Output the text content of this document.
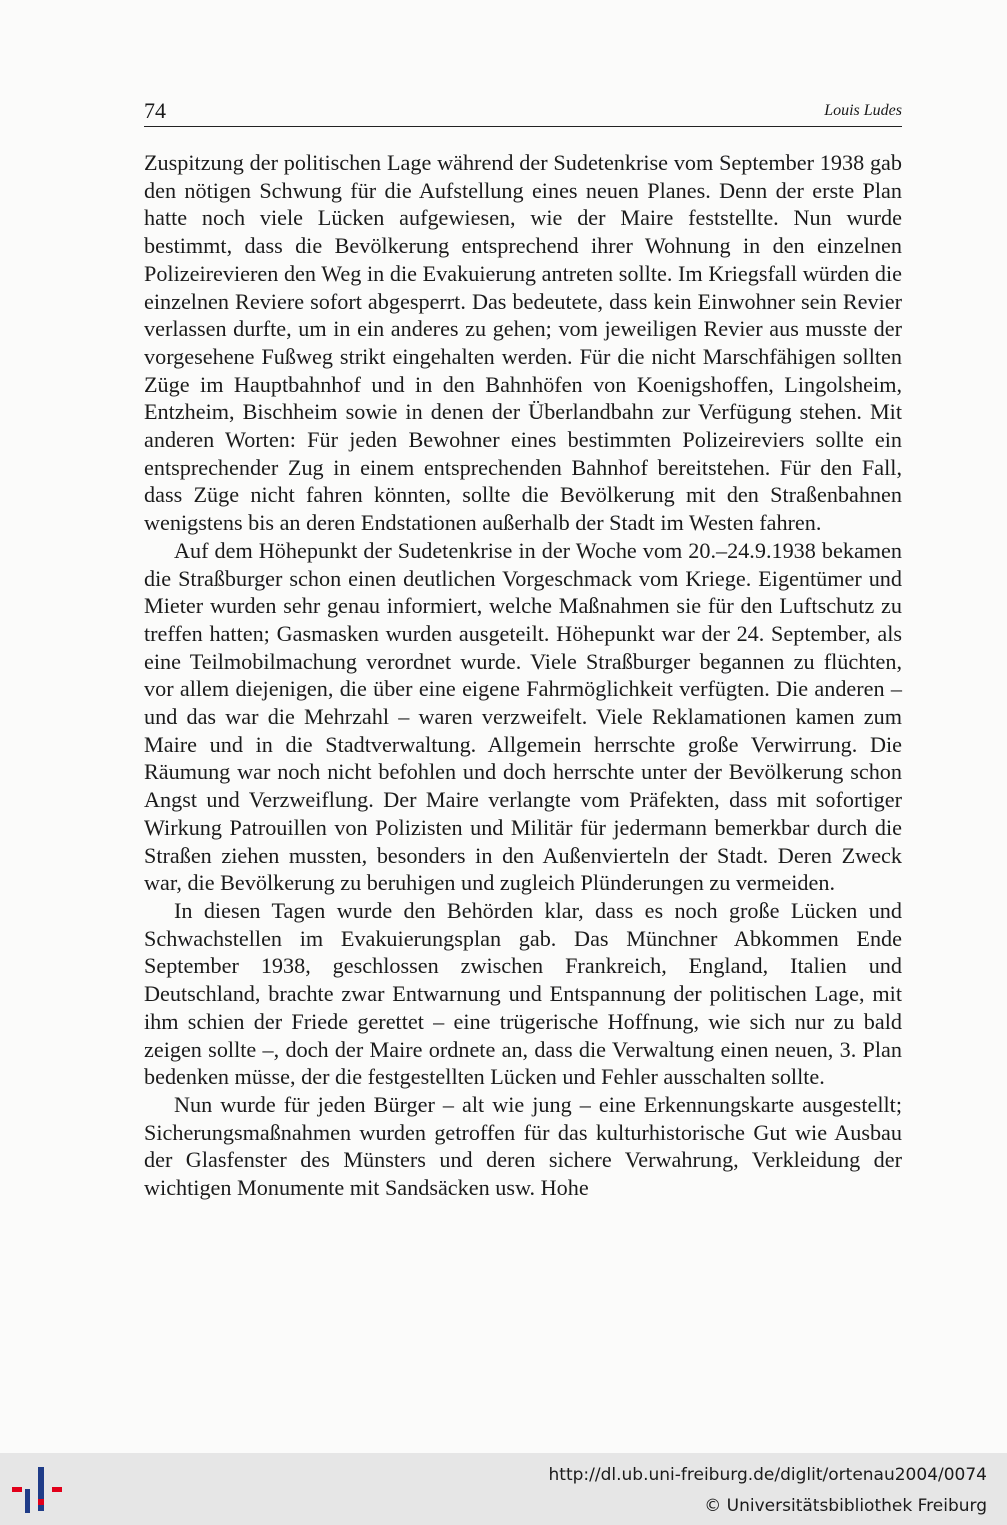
74	Louis Ludes

Zuspitzung der politischen Lage während der Sudetenkrise vom September 1938 gab den nötigen Schwung für die Aufstellung eines neuen Planes. Denn der erste Plan hatte noch viele Lücken aufgewiesen, wie der Maire feststellte. Nun wurde bestimmt, dass die Bevölkerung entsprechend ihrer Wohnung in den einzelnen Polizeirevieren den Weg in die Evakuierung antreten sollte. Im Kriegsfall würden die einzelnen Reviere sofort abgesperrt. Das bedeutete, dass kein Einwohner sein Revier verlassen durfte, um in ein anderes zu gehen; vom jeweiligen Revier aus musste der vorgesehene Fußweg strikt eingehalten werden. Für die nicht Marschfähigen sollten Züge im Hauptbahnhof und in den Bahnhöfen von Koenigshoffen, Lingolsheim, Entzheim, Bischheim sowie in denen der Überlandbahn zur Verfügung stehen. Mit anderen Worten: Für jeden Bewohner eines bestimmten Polizeireviers sollte ein entsprechender Zug in einem entsprechenden Bahnhof bereitstehen. Für den Fall, dass Züge nicht fahren könnten, sollte die Bevölkerung mit den Straßenbahnen wenigstens bis an deren Endstationen außerhalb der Stadt im Westen fahren.

Auf dem Höhepunkt der Sudetenkrise in der Woche vom 20.–24.9.1938 bekamen die Straßburger schon einen deutlichen Vorgeschmack vom Kriege. Eigentümer und Mieter wurden sehr genau informiert, welche Maßnahmen sie für den Luftschutz zu treffen hatten; Gasmasken wurden ausgeteilt. Höhepunkt war der 24. September, als eine Teilmobilmachung verordnet wurde. Viele Straßburger begannen zu flüchten, vor allem diejenigen, die über eine eigene Fahrmöglichkeit verfügten. Die anderen – und das war die Mehrzahl – waren verzweifelt. Viele Reklamationen kamen zum Maire und in die Stadtverwaltung. Allgemein herrschte große Verwirrung. Die Räumung war noch nicht befohlen und doch herrschte unter der Bevölkerung schon Angst und Verzweiflung. Der Maire verlangte vom Präfekten, dass mit sofortiger Wirkung Patrouillen von Polizisten und Militär für jedermann bemerkbar durch die Straßen ziehen mussten, besonders in den Außenvierteln der Stadt. Deren Zweck war, die Bevölkerung zu beruhigen und zugleich Plünderungen zu vermeiden.

In diesen Tagen wurde den Behörden klar, dass es noch große Lücken und Schwachstellen im Evakuierungsplan gab. Das Münchner Abkommen Ende September 1938, geschlossen zwischen Frankreich, England, Italien und Deutschland, brachte zwar Entwarnung und Entspannung der politischen Lage, mit ihm schien der Friede gerettet – eine trügerische Hoffnung, wie sich nur zu bald zeigen sollte –, doch der Maire ordnete an, dass die Verwaltung einen neuen, 3. Plan bedenken müsse, der die festgestellten Lücken und Fehler ausschalten sollte.

Nun wurde für jeden Bürger – alt wie jung – eine Erkennungskarte ausgestellt; Sicherungsmaßnahmen wurden getroffen für das kulturhistorische Gut wie Ausbau der Glasfenster des Münsters und deren sichere Verwahrung, Verkleidung der wichtigen Monumente mit Sandsäcken usw. Hohe

http://dl.ub.uni-freiburg.de/diglit/ortenau2004/0074
© Universitätsbibliothek Freiburg
